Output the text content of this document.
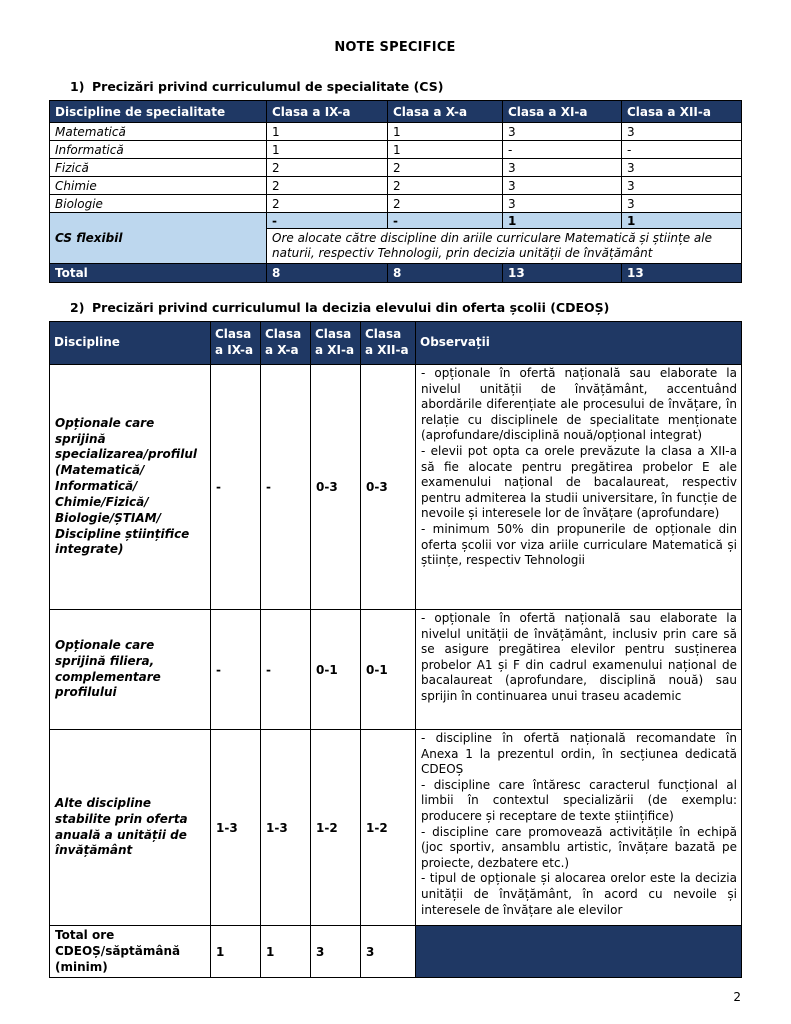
NOTE SPECIFICE
1) Precizări privind curriculumul de specialitate (CS)
Discipline de specialitate	Clasa a IX-a	Clasa a X-a	Clasa a XI-a	Clasa a XII-a
Matematică	1	1	3	3
Informatică	1	1	-	-
Fizică	2	2	3	3
Chimie	2	2	3	3
Biologie	2	2	3	3
CS flexibil	-	-	1	1
	Ore alocate către discipline din ariile curriculare Matematică și științe ale naturii, respectiv Tehnologii, prin decizia unității de învățământ			
Total	8	8	13	13
2) Precizări privind curriculumul la decizia elevului din oferta școlii (CDEOȘ)
Discipline	Clasa a IX-a	Clasa a X-a	Clasa a XI-a	Clasa a XII-a	Observații
Opționale care sprijină specializarea/profilul (Matematică/ Informatică/ Chimie/Fizică/ Biologie/ȘTIAM/ Discipline științifice integrate)	-	-	0-3	0-3	- opționale în ofertă națională sau elaborate la nivelul unității de învățământ, accentuând abordările diferențiate ale procesului de învățare, în relație cu disciplinele de specialitate menționate (aprofundare/disciplină nouă/opțional integrat)
- elevii pot opta ca orele prevăzute la clasa a XII-a să fie alocate pentru pregătirea probelor E ale examenului național de bacalaureat, respectiv pentru admiterea la studii universitare, în funcție de nevoile și interesele lor de învățare (aprofundare)
- minimum 50% din propunerile de opționale din oferta școlii vor viza ariile curriculare Matematică și științe, respectiv Tehnologii

Opționale care sprijină filiera, complementare profilului	-	-	0-1	0-1	- opționale în ofertă națională sau elaborate la nivelul unității de învățământ, inclusiv prin care să se asigure pregătirea elevilor pentru susținerea probelor A1 și F din cadrul examenului național de bacalaureat (aprofundare, disciplină nouă) sau sprijin în continuarea unui traseu academic

Alte discipline stabilite prin oferta anuală a unității de învățământ	1-3	1-3	1-2	1-2	- discipline în ofertă națională recomandate în Anexa 1 la prezentul ordin, în secțiunea dedicată CDEOȘ
- discipline care întăresc caracterul funcțional al limbii în contextul specializării (de exemplu: producere și receptare de texte științifice)
- discipline care promovează activitățile în echipă (joc sportiv, ansamblu artistic, învățare bazată pe proiecte, dezbatere etc.)
- tipul de opționale și alocarea orelor este la decizia unității de învățământ, în acord cu nevoile și interesele de învățare ale elevilor

Total ore CDEOȘ/săptămână (minim)	1	1	3	3	
2
